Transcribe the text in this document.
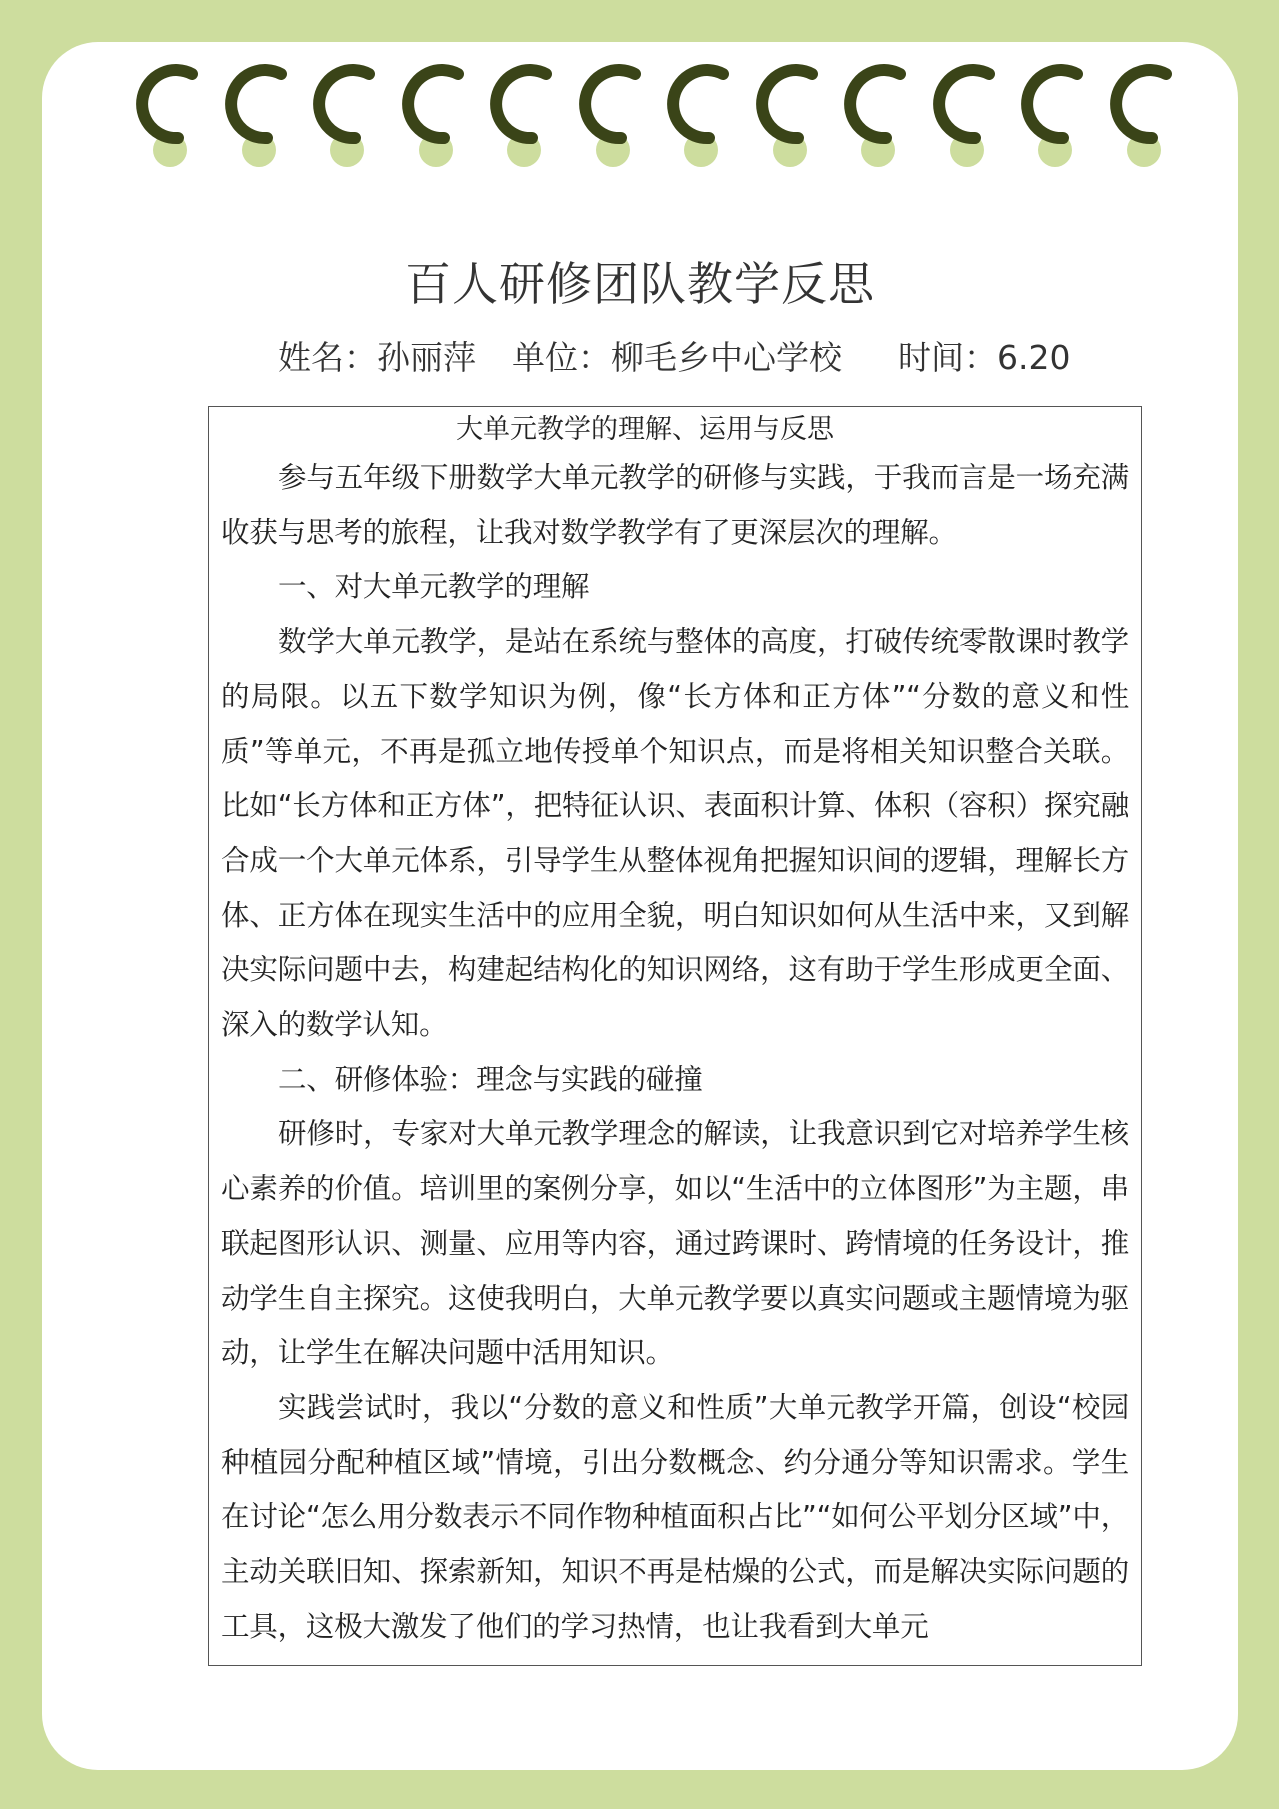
百人研修团队教学反思
姓名：孙丽萍 单位：柳毛乡中心学校 时间：6.20
大单元教学的理解、运用与反思

参与五年级下册数学大单元教学的研修与实践，于我而言是一场充满收获与思考的旅程，让我对数学教学有了更深层次的理解。

一、对大单元教学的理解

数学大单元教学，是站在系统与整体的高度，打破传统零散课时教学的局限。以五下数学知识为例，像“长方体和正方体”“分数的意义和性质”等单元，不再是孤立地传授单个知识点，而是将相关知识整合关联。比如“长方体和正方体”，把特征认识、表面积计算、体积（容积）探究融合成一个大单元体系，引导学生从整体视角把握知识间的逻辑，理解长方体、正方体在现实生活中的应用全貌，明白知识如何从生活中来，又到解决实际问题中去，构建起结构化的知识网络，这有助于学生形成更全面、深入的数学认知。

二、研修体验：理念与实践的碰撞

研修时，专家对大单元教学理念的解读，让我意识到它对培养学生核心素养的价值。培训里的案例分享，如以“生活中的立体图形”为主题，串联起图形认识、测量、应用等内容，通过跨课时、跨情境的任务设计，推动学生自主探究。这使我明白，大单元教学要以真实问题或主题情境为驱动，让学生在解决问题中活用知识。

实践尝试时，我以“分数的意义和性质”大单元教学开篇，创设“校园种植园分配种植区域”情境，引出分数概念、约分通分等知识需求。学生在讨论“怎么用分数表示不同作物种植面积占比”“如何公平划分区域”中，主动关联旧知、探索新知，知识不再是枯燥的公式，而是解决实际问题的工具，这极大激发了他们的学习热情，也让我看到大单元
